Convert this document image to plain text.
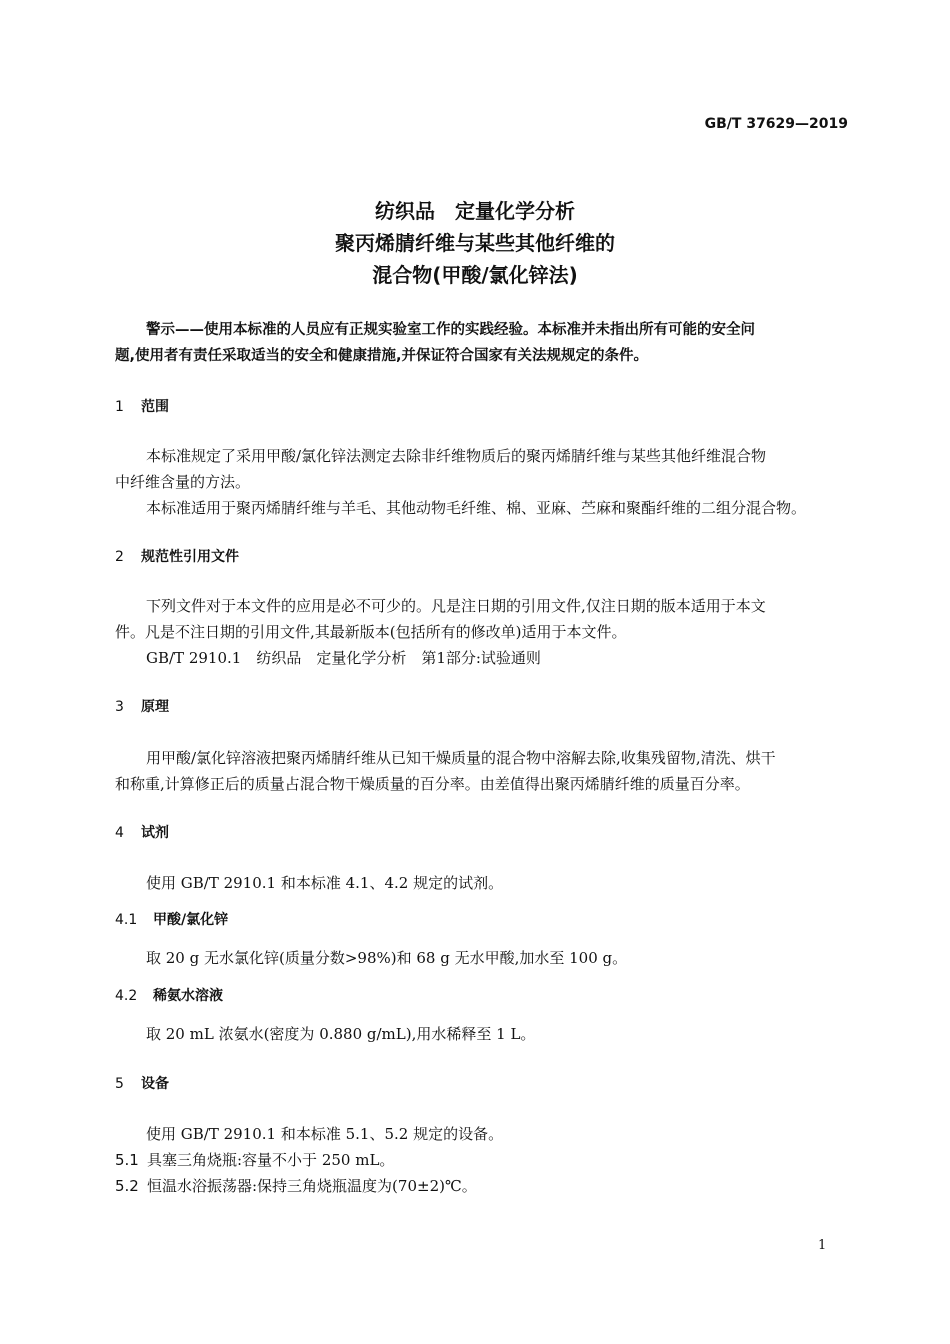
GB/T 37629—2019
纺织品　定量化学分析
聚丙烯腈纤维与某些其他纤维的
混合物(甲酸/氯化锌法)
警示——使用本标准的人员应有正规实验室工作的实践经验。本标准并未指出所有可能的安全问
题,使用者有责任采取适当的安全和健康措施,并保证符合国家有关法规规定的条件。
1 范围
本标准规定了采用甲酸/氯化锌法测定去除非纤维物质后的聚丙烯腈纤维与某些其他纤维混合物
中纤维含量的方法。
本标准适用于聚丙烯腈纤维与羊毛、其他动物毛纤维、棉、亚麻、苎麻和聚酯纤维的二组分混合物。
2 规范性引用文件
下列文件对于本文件的应用是必不可少的。凡是注日期的引用文件,仅注日期的版本适用于本文
件。凡是不注日期的引用文件,其最新版本(包括所有的修改单)适用于本文件。
GB/T 2910.1　纺织品　定量化学分析　第1部分:试验通则
3 原理
用甲酸/氯化锌溶液把聚丙烯腈纤维从已知干燥质量的混合物中溶解去除,收集残留物,清洗、烘干
和称重,计算修正后的质量占混合物干燥质量的百分率。由差值得出聚丙烯腈纤维的质量百分率。
4 试剂
使用 GB/T 2910.1 和本标准 4.1、4.2 规定的试剂。
4.1 甲酸/氯化锌
取 20 g 无水氯化锌(质量分数>98%)和 68 g 无水甲酸,加水至 100 g。
4.2 稀氨水溶液
取 20 mL 浓氨水(密度为 0.880 g/mL),用水稀释至 1 L。
5 设备
使用 GB/T 2910.1 和本标准 5.1、5.2 规定的设备。
5.1 具塞三角烧瓶:容量不小于 250 mL。
5.2 恒温水浴振荡器:保持三角烧瓶温度为(70±2)℃。
1
